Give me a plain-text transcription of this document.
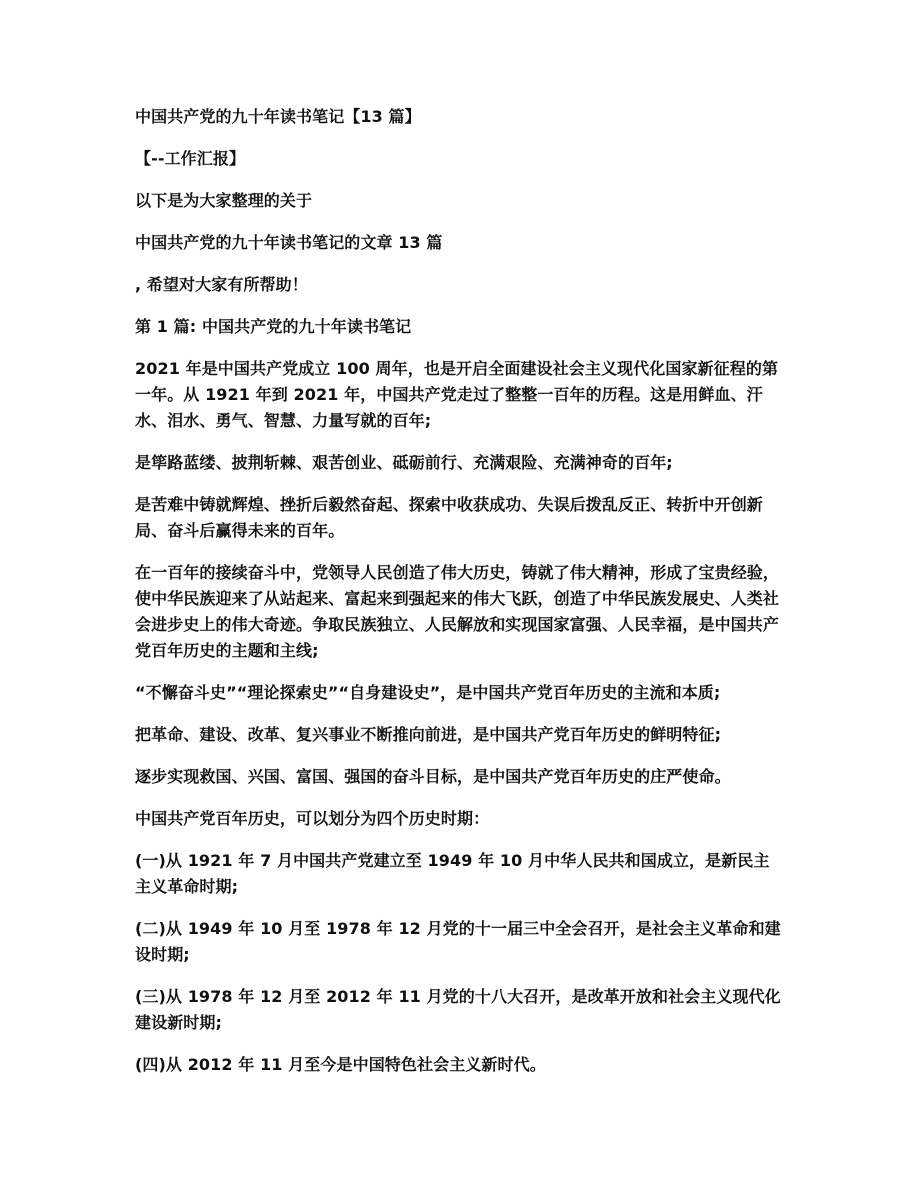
中国共产党的九十年读书笔记【13 篇】

【--工作汇报】

以下是为大家整理的关于

中国共产党的九十年读书笔记的文章 13 篇

, 希望对大家有所帮助！

第 1 篇: 中国共产党的九十年读书笔记

2021 年是中国共产党成立 100 周年，也是开启全面建设社会主义现代化国家新征程的第一年。从 1921 年到 2021 年，中国共产党走过了整整一百年的历程。这是用鲜血、汗水、泪水、勇气、智慧、力量写就的百年;

是筚路蓝缕、披荆斩棘、艰苦创业、砥砺前行、充满艰险、充满神奇的百年;

是苦难中铸就辉煌、挫折后毅然奋起、探索中收获成功、失误后拨乱反正、转折中开创新局、奋斗后赢得未来的百年。

在一百年的接续奋斗中，党领导人民创造了伟大历史，铸就了伟大精神，形成了宝贵经验，使中华民族迎来了从站起来、富起来到强起来的伟大飞跃，创造了中华民族发展史、人类社会进步史上的伟大奇迹。争取民族独立、人民解放和实现国家富强、人民幸福，是中国共产党百年历史的主题和主线;

“不懈奋斗史”“理论探索史”“自身建设史”，是中国共产党百年历史的主流和本质;

把革命、建设、改革、复兴事业不断推向前进，是中国共产党百年历史的鲜明特征;

逐步实现救国、兴国、富国、强国的奋斗目标，是中国共产党百年历史的庄严使命。

中国共产党百年历史，可以划分为四个历史时期：

(一)从 1921 年 7 月中国共产党建立至 1949 年 10 月中华人民共和国成立，是新民主主义革命时期;

(二)从 1949 年 10 月至 1978 年 12 月党的十一届三中全会召开，是社会主义革命和建设时期;

(三)从 1978 年 12 月至 2012 年 11 月党的十八大召开，是改革开放和社会主义现代化建设新时期;

(四)从 2012 年 11 月至今是中国特色社会主义新时代。
